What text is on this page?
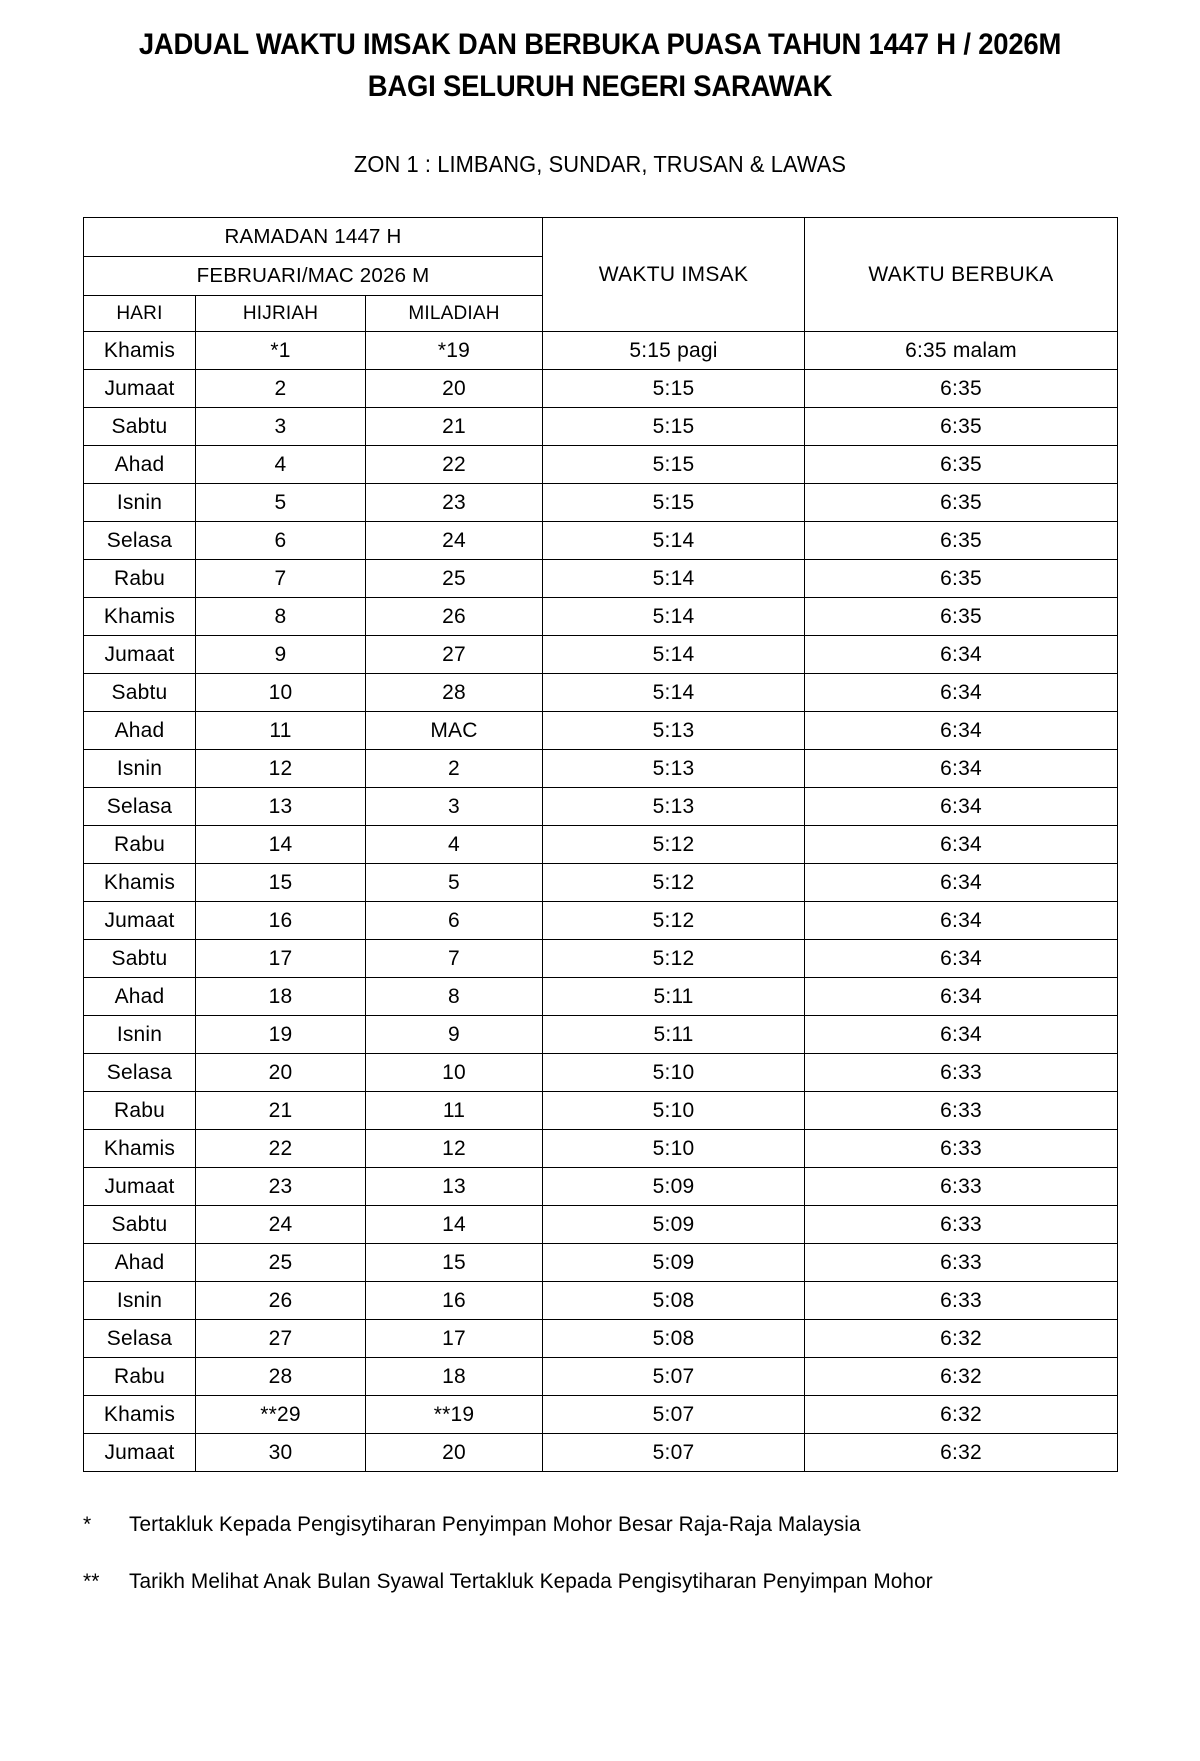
JADUAL WAKTU IMSAK DAN BERBUKA PUASA TAHUN 1447 H / 2026M
BAGI SELURUH NEGERI SARAWAK
ZON 1 : LIMBANG, SUNDAR, TRUSAN & LAWAS
RAMADAN 1447 H			WAKTU IMSAK	WAKTU BERBUKA
FEBRUARI/MAC 2026 M				
HARI	HIJRIAH	MILADIAH		
Khamis	*1	*19	5:15 pagi	6:35 malam
Jumaat	2	20	5:15	6:35
Sabtu	3	21	5:15	6:35
Ahad	4	22	5:15	6:35
Isnin	5	23	5:15	6:35
Selasa	6	24	5:14	6:35
Rabu	7	25	5:14	6:35
Khamis	8	26	5:14	6:35
Jumaat	9	27	5:14	6:34
Sabtu	10	28	5:14	6:34
Ahad	11	MAC	5:13	6:34
Isnin	12	2	5:13	6:34
Selasa	13	3	5:13	6:34
Rabu	14	4	5:12	6:34
Khamis	15	5	5:12	6:34
Jumaat	16	6	5:12	6:34
Sabtu	17	7	5:12	6:34
Ahad	18	8	5:11	6:34
Isnin	19	9	5:11	6:34
Selasa	20	10	5:10	6:33
Rabu	21	11	5:10	6:33
Khamis	22	12	5:10	6:33
Jumaat	23	13	5:09	6:33
Sabtu	24	14	5:09	6:33
Ahad	25	15	5:09	6:33
Isnin	26	16	5:08	6:33
Selasa	27	17	5:08	6:32
Rabu	28	18	5:07	6:32
Khamis	**29	**19	5:07	6:32
Jumaat	30	20	5:07	6:32
*	Tertakluk Kepada Pengisytiharan Penyimpan Mohor Besar Raja-Raja Malaysia
**	Tarikh Melihat Anak Bulan Syawal Tertakluk Kepada Pengisytiharan Penyimpan Mohor
